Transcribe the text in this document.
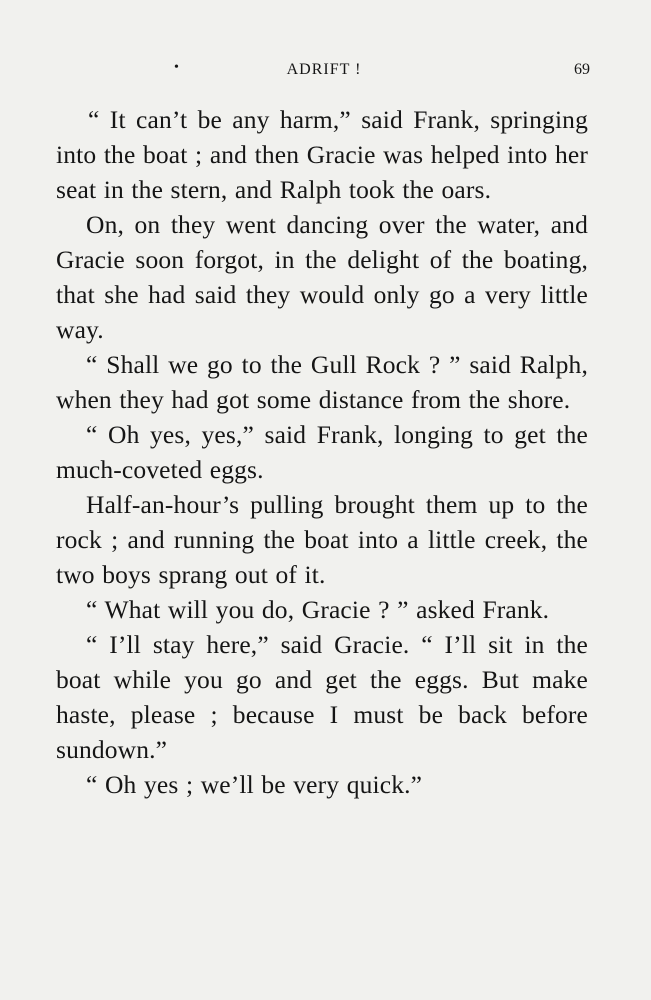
•	ADRIFT !	69

“ It can’t be any harm,” said Frank, springing into the boat ; and then Gracie was helped into her seat in the stern, and Ralph took the oars.

On, on they went dancing over the water, and Gracie soon forgot, in the delight of the boating, that she had said they would only go a very little way.

“ Shall we go to the Gull Rock ? ” said Ralph, when they had got some distance from the shore.

“ Oh yes, yes,” said Frank, longing to get the much-coveted eggs.

Half-an-hour’s pulling brought them up to the rock ; and running the boat into a little creek, the two boys sprang out of it.

“ What will you do, Gracie ? ” asked Frank.

“ I’ll stay here,” said Gracie. “ I’ll sit in the boat while you go and get the eggs. But make haste, please ; because I must be back before sundown.”

“ Oh yes ; we’ll be very quick.”
